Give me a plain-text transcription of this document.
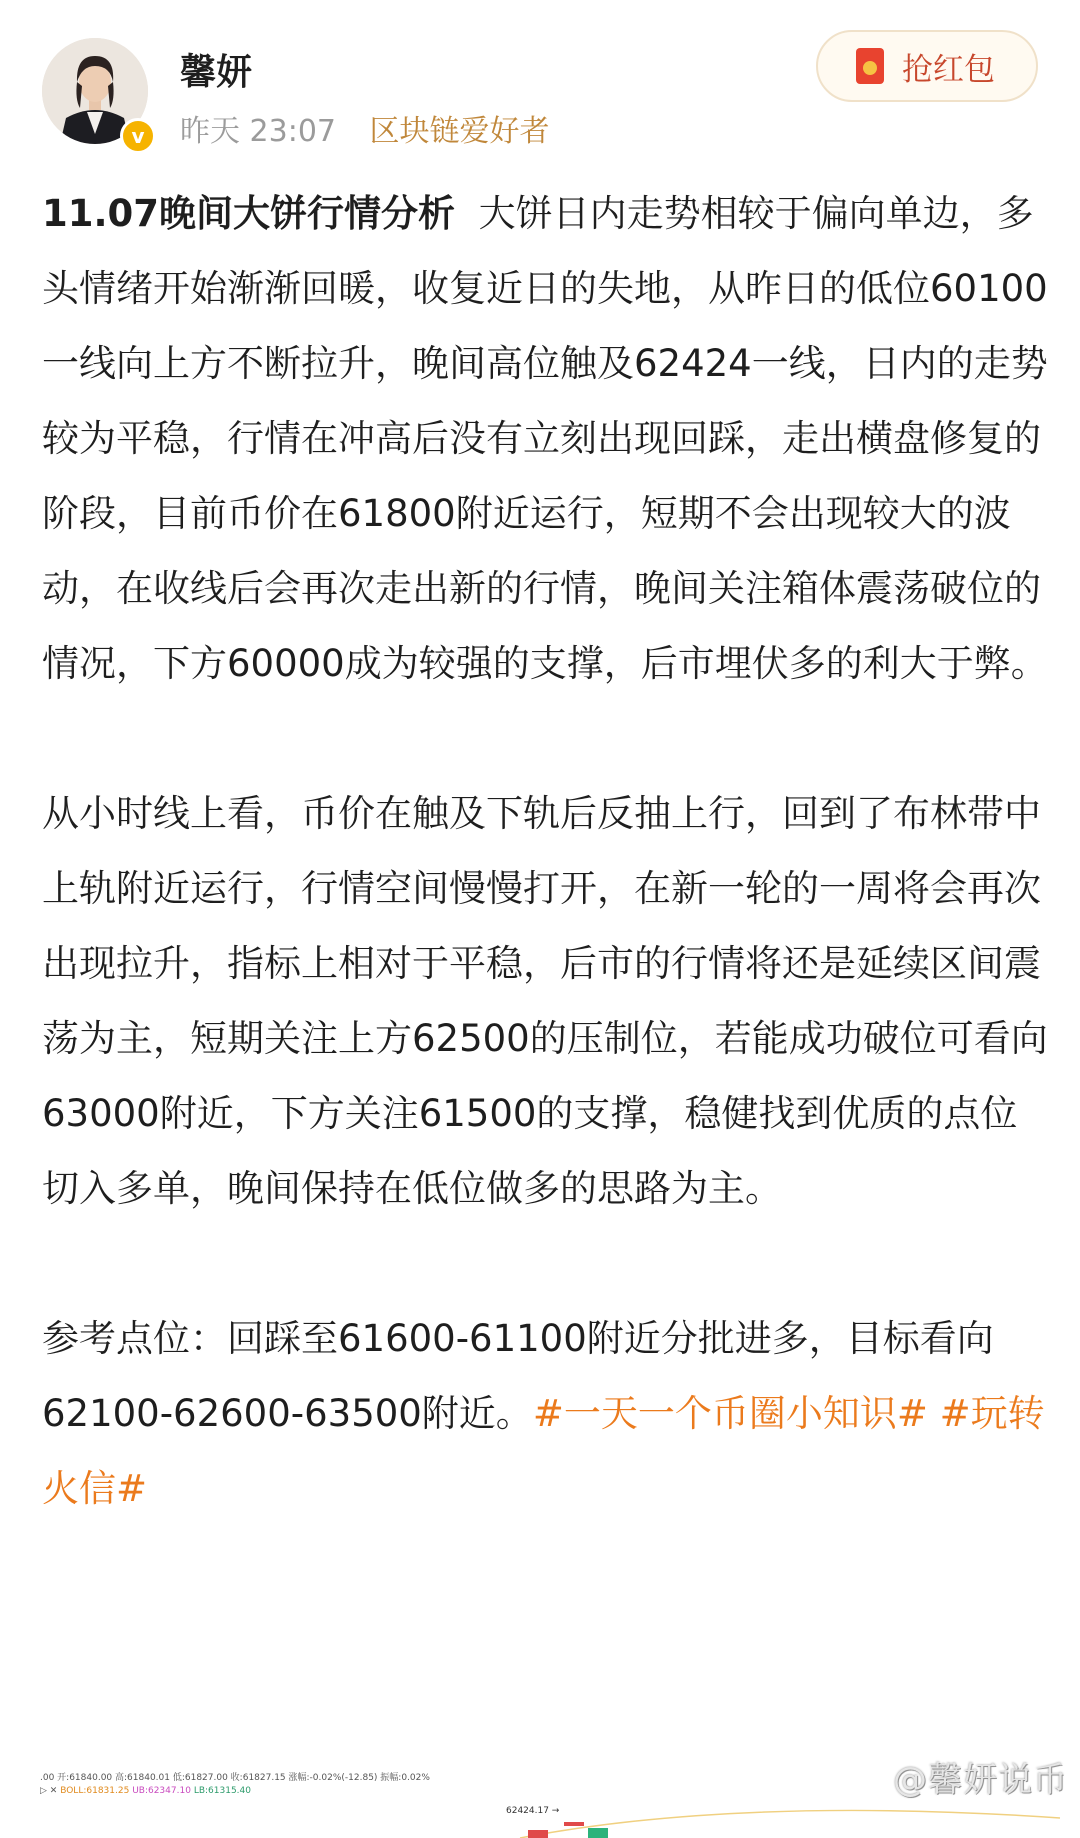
v
馨妍
昨天 23:07 区块链爱好者
抢红包

11.07晚间大饼行情分析 大饼日内走势相较于偏向单边，多头情绪开始渐渐回暖，收复近日的失地，从昨日的低位60100一线向上方不断拉升，晚间高位触及62424一线，日内的走势较为平稳，行情在冲高后没有立刻出现回踩，走出横盘修复的阶段，目前币价在61800附近运行，短期不会出现较大的波动，在收线后会再次走出新的行情，晚间关注箱体震荡破位的情况，下方60000成为较强的支撑，后市埋伏多的利大于弊。

从小时线上看，币价在触及下轨后反抽上行，回到了布林带中上轨附近运行，行情空间慢慢打开，在新一轮的一周将会再次出现拉升，指标上相对于平稳，后市的行情将还是延续区间震荡为主，短期关注上方62500的压制位，若能成功破位可看向63000附近，下方关注61500的支撑，稳健找到优质的点位切入多单，晚间保持在低位做多的思路为主。

参考点位：回踩至61600-61100附近分批进多，目标看向62100-62600-63500附近。#一天一个币圈小知识# #玩转火信#

.00 开:61840.00 高:61840.01 低:61827.00 收:61827.15 涨幅:-0.02%(-12.85) 振幅:0.02%
▷ ✕ BOLL:61831.25 UB:62347.10 LB:61315.40
62424.17 →
@馨妍说币
